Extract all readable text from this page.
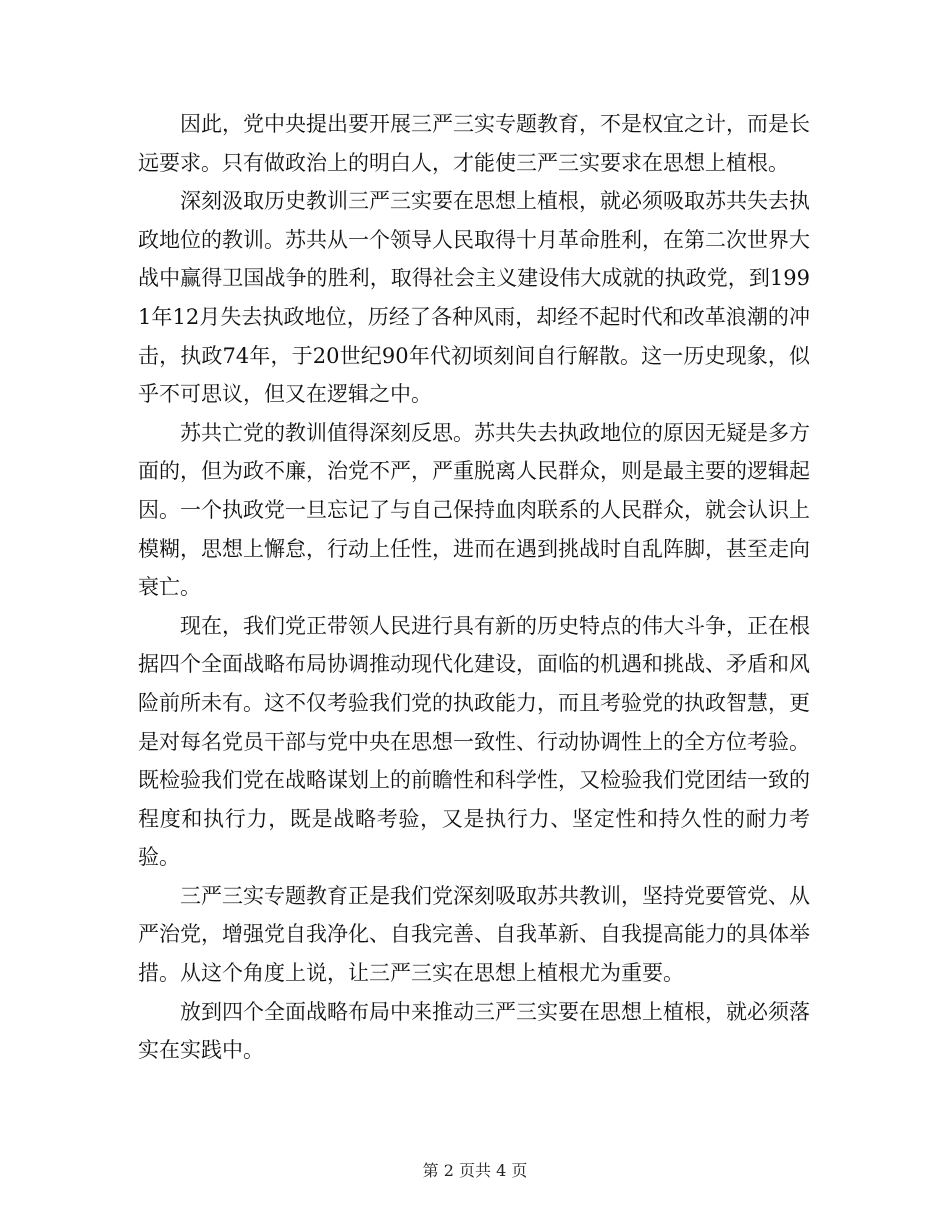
因此，党中央提出要开展三严三实专题教育，不是权宜之计，而是长远要求。只有做政治上的明白人，才能使三严三实要求在思想上植根。

深刻汲取历史教训三严三实要在思想上植根，就必须吸取苏共失去执政地位的教训。苏共从一个领导人民取得十月革命胜利，在第二次世界大战中赢得卫国战争的胜利，取得社会主义建设伟大成就的执政党，到1991年12月失去执政地位，历经了各种风雨，却经不起时代和改革浪潮的冲击，执政74年，于20世纪90年代初顷刻间自行解散。这一历史现象，似乎不可思议，但又在逻辑之中。

苏共亡党的教训值得深刻反思。苏共失去执政地位的原因无疑是多方面的，但为政不廉，治党不严，严重脱离人民群众，则是最主要的逻辑起因。一个执政党一旦忘记了与自己保持血肉联系的人民群众，就会认识上模糊，思想上懈怠，行动上任性，进而在遇到挑战时自乱阵脚，甚至走向衰亡。

现在，我们党正带领人民进行具有新的历史特点的伟大斗争，正在根据四个全面战略布局协调推动现代化建设，面临的机遇和挑战、矛盾和风险前所未有。这不仅考验我们党的执政能力，而且考验党的执政智慧，更是对每名党员干部与党中央在思想一致性、行动协调性上的全方位考验。既检验我们党在战略谋划上的前瞻性和科学性，又检验我们党团结一致的程度和执行力，既是战略考验，又是执行力、坚定性和持久性的耐力考验。

三严三实专题教育正是我们党深刻吸取苏共教训，坚持党要管党、从严治党，增强党自我净化、自我完善、自我革新、自我提高能力的具体举措。从这个角度上说，让三严三实在思想上植根尤为重要。

放到四个全面战略布局中来推动三严三实要在思想上植根，就必须落实在实践中。

第 2 页共 4 页
